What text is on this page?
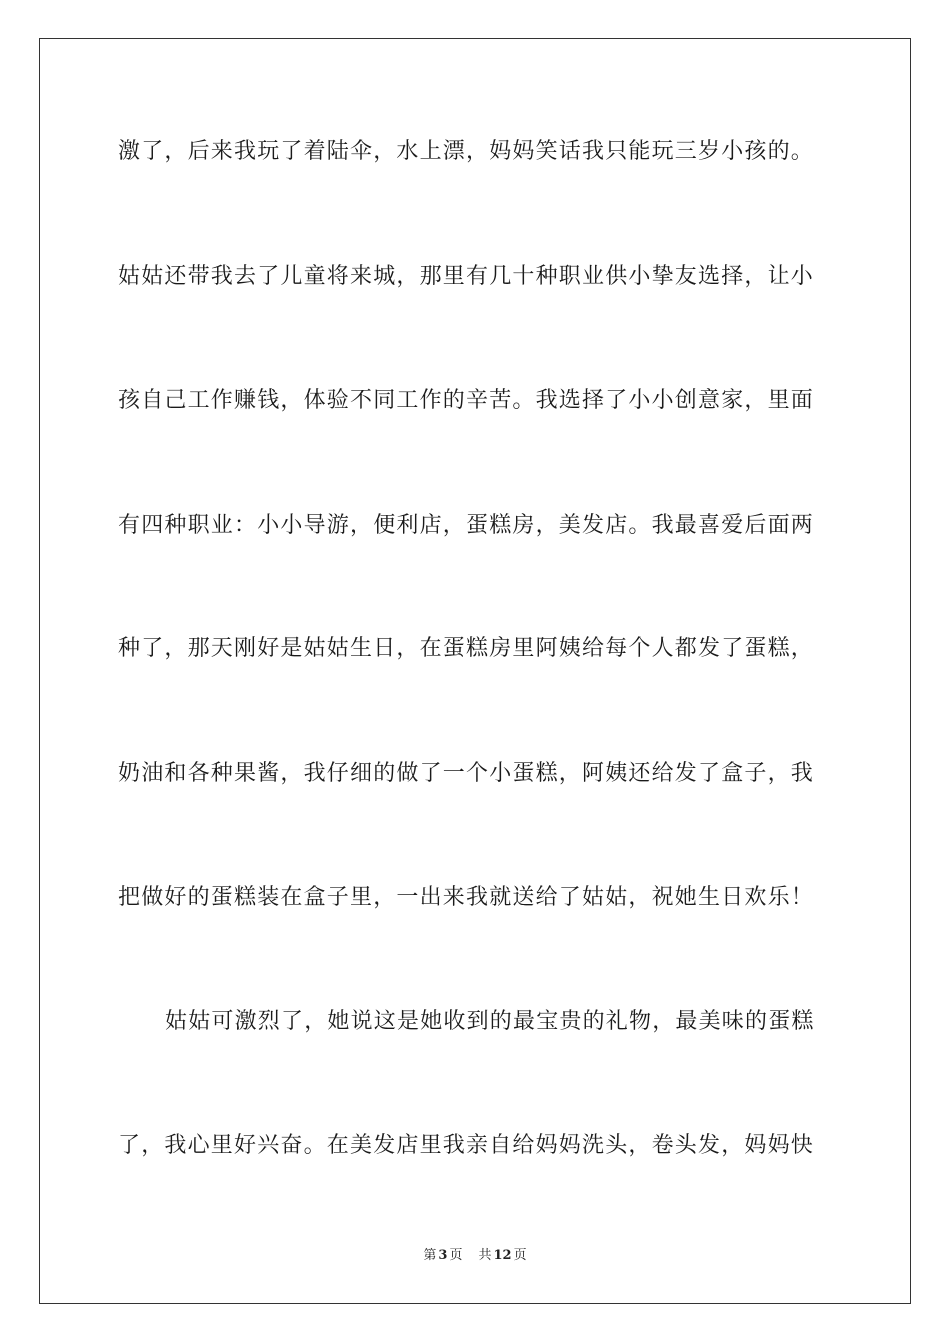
激了，后来我玩了着陆伞，水上漂，妈妈笑话我只能玩三岁小孩的。
姑姑还带我去了儿童将来城，那里有几十种职业供小挚友选择，让小
孩自己工作赚钱，体验不同工作的辛苦。我选择了小小创意家，里面
有四种职业：小小导游，便利店，蛋糕房，美发店。我最喜爱后面两
种了，那天刚好是姑姑生日，在蛋糕房里阿姨给每个人都发了蛋糕，
奶油和各种果酱，我仔细的做了一个小蛋糕，阿姨还给发了盒子，我
把做好的蛋糕装在盒子里，一出来我就送给了姑姑，祝她生日欢乐！
姑姑可激烈了，她说这是她收到的最宝贵的礼物，最美味的蛋糕
了，我心里好兴奋。在美发店里我亲自给妈妈洗头，卷头发，妈妈快
第 3 页 共 12 页
